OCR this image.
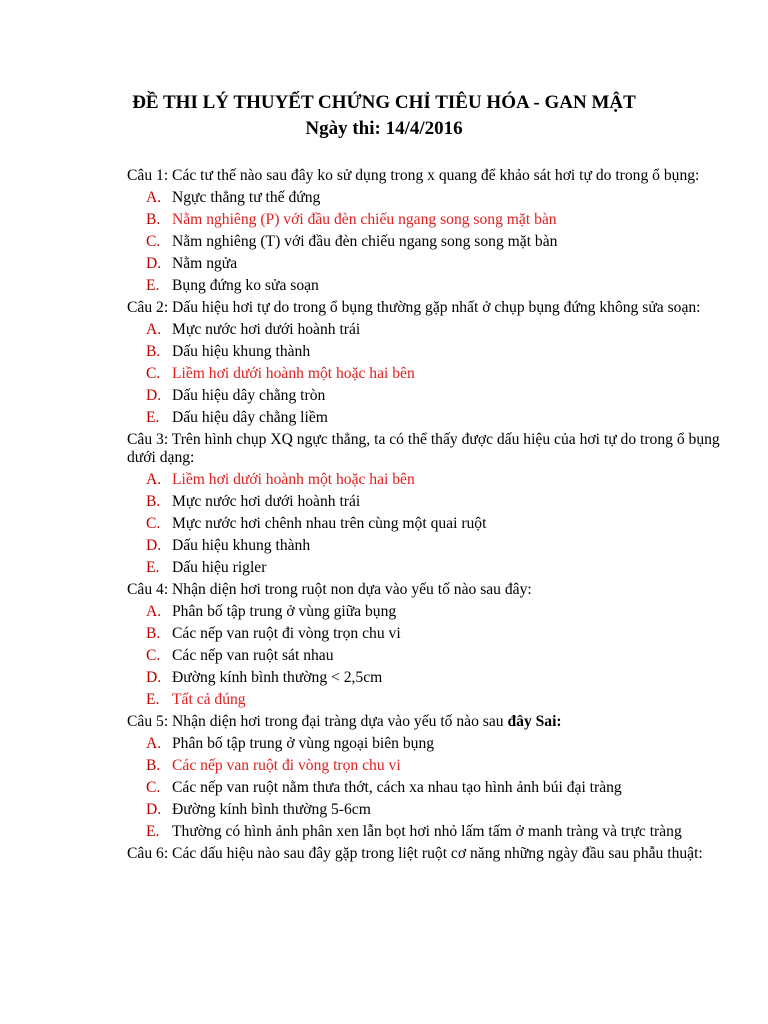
ĐỀ THI LÝ THUYẾT CHỨNG CHỈ TIÊU HÓA - GAN MẬT
Ngày thi: 14/4/2016

Câu 1: Các tư thế nào sau đây ko sử dụng trong x quang để khảo sát hơi tự do trong ổ bụng:

A. Ngực thẳng tư thế đứng
B. Nằm nghiêng (P) với đầu đèn chiếu ngang song song mặt bàn
C. Nằm nghiêng (T) với đầu đèn chiếu ngang song song mặt bàn
D. Nằm ngửa
E. Bụng đứng ko sửa soạn

Câu 2: Dấu hiệu hơi tự do trong ổ bụng thường gặp nhất ở chụp bụng đứng không sửa soạn:

A. Mực nước hơi dưới hoành trái
B. Dấu hiệu khung thành
C. Liềm hơi dưới hoành một hoặc hai bên
D. Dấu hiệu dây chằng tròn
E. Dấu hiệu dây chằng liềm

Câu 3: Trên hình chụp XQ ngực thẳng, ta có thể thấy được dấu hiệu của hơi tự do trong ổ bụng dưới dạng:

A. Liềm hơi dưới hoành một hoặc hai bên
B. Mực nước hơi dưới hoành trái
C. Mực nước hơi chênh nhau trên cùng một quai ruột
D. Dấu hiệu khung thành
E. Dấu hiệu rigler

Câu 4: Nhận diện hơi trong ruột non dựa vào yếu tố nào sau đây:

A. Phân bố tập trung ở vùng giữa bụng
B. Các nếp van ruột đi vòng trọn chu vi
C. Các nếp van ruột sát nhau
D. Đường kính bình thường < 2,5cm
E. Tất cả đúng

Câu 5: Nhận diện hơi trong đại tràng dựa vào yếu tố nào sau đây Sai:

A. Phân bố tập trung ở vùng ngoại biên bụng
B. Các nếp van ruột đi vòng trọn chu vi
C. Các nếp van ruột nằm thưa thớt, cách xa nhau tạo hình ảnh búi đại tràng
D. Đường kính bình thường 5-6cm
E. Thường có hình ảnh phân xen lẫn bọt hơi nhỏ lấm tấm ở manh tràng và trực tràng

Câu 6: Các dấu hiệu nào sau đây gặp trong liệt ruột cơ năng những ngày đầu sau phẫu thuật:
